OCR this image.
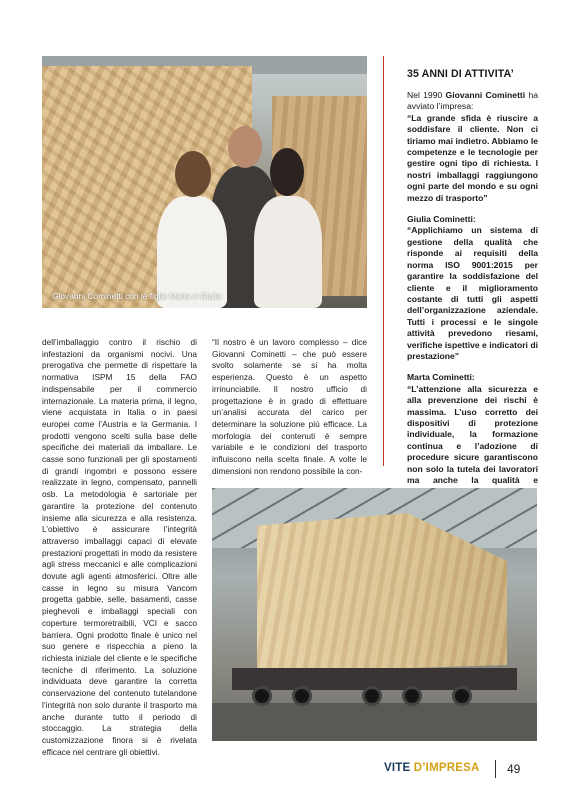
Giovanni Cominetti con le figlie Marta e Giulia
35 ANNI DI ATTIVITA’

Nel 1990 Giovanni Cominetti ha avviato l’impresa:

“La grande sfida è riuscire a soddisfare il cliente. Non ci tiriamo mai indietro. Abbiamo le competenze e le tecnologie per gestire ogni tipo di richiesta. I nostri imballaggi raggiungono ogni parte del mondo e su ogni mezzo di trasporto”

Giulia Cominetti:

“Applichiamo un sistema di gestione della qualità che risponde ai requisiti della norma ISO 9001:2015 per garantire la soddisfazione del cliente e il miglioramento costante di tutti gli aspetti dell’organizzazione aziendale. Tutti i processi e le singole attività prevedono riesami, verifiche ispettive e indicatori di prestazione”

Marta Cominetti:

“L’attenzione alla sicurezza e alla prevenzione dei rischi è massima. L’uso corretto dei dispositivi di protezione individuale, la formazione continua e l’adozione di procedure sicure garantiscono non solo la tutela dei lavoratori ma anche la qualità e

dell’imballaggio contro il rischio di infestazioni da organismi nocivi. Una prerogativa che permette di rispettare la normativa ISPM 15 della FAO indispensabile per il commercio internazionale. La materia prima, il legno, viene acquistata in Italia o in paesi europei come l’Austria e la Germania. I prodotti vengono scelti sulla base delle specifiche dei materiali da imballare. Le casse sono funzionali per gli spostamenti di grandi ingombri e possono essere realizzate in legno, compensato, pannelli osb. La metodologia è sartoriale per garantire la protezione del contenuto insieme alla sicurezza e alla resistenza. L’obiettivo è assicurare l’integrità attraverso imballaggi capaci di elevate prestazioni progettati in modo da resistere agli stress meccanici e alle complicazioni dovute agli agenti atmosferici. Oltre alle casse in legno su misura Vancom progetta gabbie, selle, basamenti, casse pieghevoli e imballaggi speciali con coperture termoretraibili, VCI e sacco barriera. Ogni prodotto finale è unico nel suo genere e rispecchia a pieno la richiesta iniziale del cliente e le specifiche tecniche di riferimento. La soluzione individuata deve garantire la corretta conservazione del contenuto tutelandone l’integrità non solo durante il trasporto ma anche durante tutto il periodo di stoccaggio. La strategia della customizzazione finora si è rivelata efficace nel centrare gli obiettivi.
“Il nostro è un lavoro complesso – dice Giovanni Cominetti – che può essere svolto solamente se si ha molta esperienza. Questo è un aspetto irrinunciabile. Il nostro ufficio di progettazione è in grado di effettuare un’analisi accurata del carico per determinare la soluzione più efficace. La morfologia dei contenuti è sempre variabile e le condizioni del trasporto influiscono nella scelta finale. A volte le dimensioni non rendono possibile la con-
VITE D’IMPRESA 49
